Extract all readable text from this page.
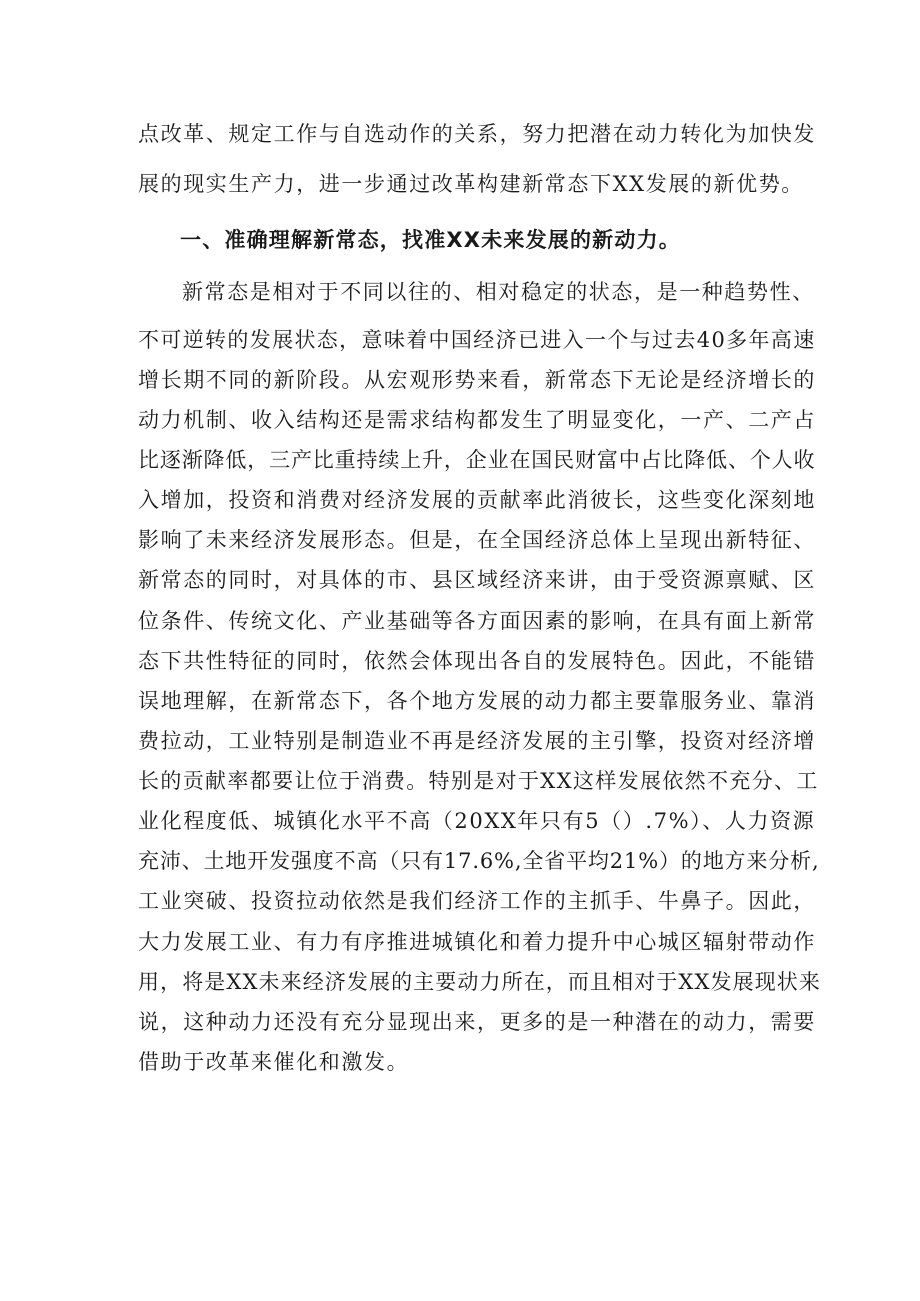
点改革、规定工作与自选动作的关系，努力把潜在动力转化为加快发
展的现实生产力，进一步通过改革构建新常态下XX发展的新优势。
一、准确理解新常态，找准XX未来发展的新动力。
新常态是相对于不同以往的、相对稳定的状态，是一种趋势性、
不可逆转的发展状态，意味着中国经济已进入一个与过去40多年高速
增长期不同的新阶段。从宏观形势来看，新常态下无论是经济增长的
动力机制、收入结构还是需求结构都发生了明显变化，一产、二产占
比逐渐降低，三产比重持续上升，企业在国民财富中占比降低、个人收
入增加，投资和消费对经济发展的贡献率此消彼长，这些变化深刻地
影响了未来经济发展形态。但是，在全国经济总体上呈现出新特征、
新常态的同时，对具体的市、县区域经济来讲，由于受资源禀赋、区
位条件、传统文化、产业基础等各方面因素的影响，在具有面上新常
态下共性特征的同时，依然会体现出各自的发展特色。因此，不能错
误地理解，在新常态下，各个地方发展的动力都主要靠服务业、靠消
费拉动，工业特别是制造业不再是经济发展的主引擎，投资对经济增
长的贡献率都要让位于消费。特别是对于XX这样发展依然不充分、工
业化程度低、城镇化水平不高（20XX年只有5（）.7%）、人力资源
充沛、土地开发强度不高（只有17.6%,全省平均21%）的地方来分析,
工业突破、投资拉动依然是我们经济工作的主抓手、牛鼻子。因此，
大力发展工业、有力有序推进城镇化和着力提升中心城区辐射带动作
用，将是XX未来经济发展的主要动力所在，而且相对于XX发展现状来
说，这种动力还没有充分显现出来，更多的是一种潜在的动力，需要
借助于改革来催化和激发。
